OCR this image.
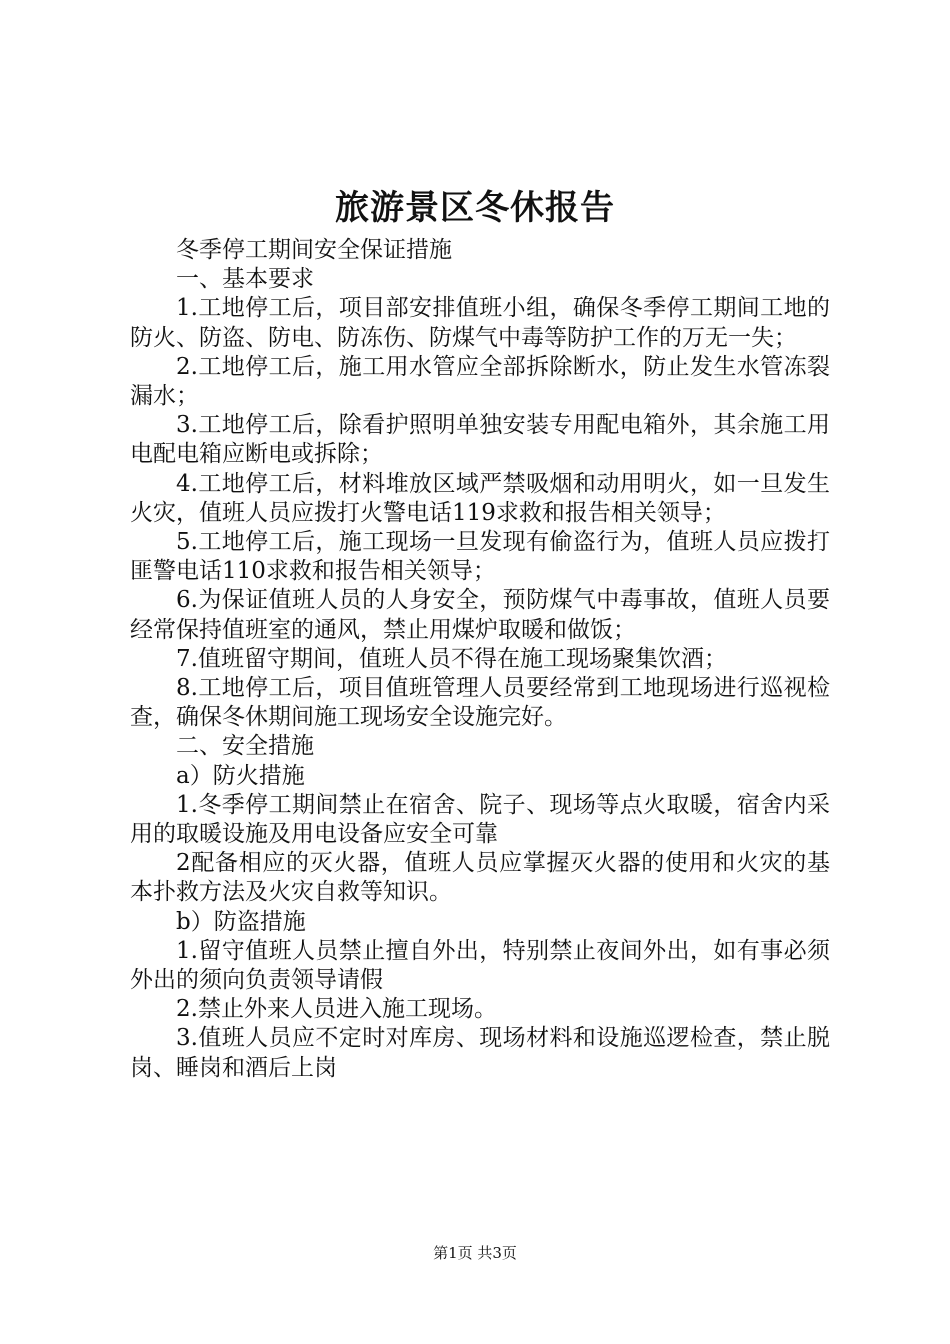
旅游景区冬休报告

冬季停工期间安全保证措施

一、基本要求

1.工地停工后，项目部安排值班小组，确保冬季停工期间工地的防火、防盗、防电、防冻伤、防煤气中毒等防护工作的万无一失；

2.工地停工后，施工用水管应全部拆除断水，防止发生水管冻裂漏水；

3.工地停工后，除看护照明单独安装专用配电箱外，其余施工用电配电箱应断电或拆除；

4.工地停工后，材料堆放区域严禁吸烟和动用明火，如一旦发生火灾，值班人员应拨打火警电话119求救和报告相关领导；

5.工地停工后，施工现场一旦发现有偷盗行为，值班人员应拨打匪警电话110求救和报告相关领导；

6.为保证值班人员的人身安全，预防煤气中毒事故，值班人员要经常保持值班室的通风，禁止用煤炉取暖和做饭；

7.值班留守期间，值班人员不得在施工现场聚集饮酒；

8.工地停工后，项目值班管理人员要经常到工地现场进行巡视检查，确保冬休期间施工现场安全设施完好。

二、安全措施

a）防火措施

1.冬季停工期间禁止在宿舍、院子、现场等点火取暖，宿舍内采用的取暖设施及用电设备应安全可靠

2配备相应的灭火器，值班人员应掌握灭火器的使用和火灾的基本扑救方法及火灾自救等知识。

b）防盗措施

1.留守值班人员禁止擅自外出，特别禁止夜间外出，如有事必须外出的须向负责领导请假

2.禁止外来人员进入施工现场。

3.值班人员应不定时对库房、现场材料和设施巡逻检查，禁止脱岗、睡岗和酒后上岗

第1页 共3页
